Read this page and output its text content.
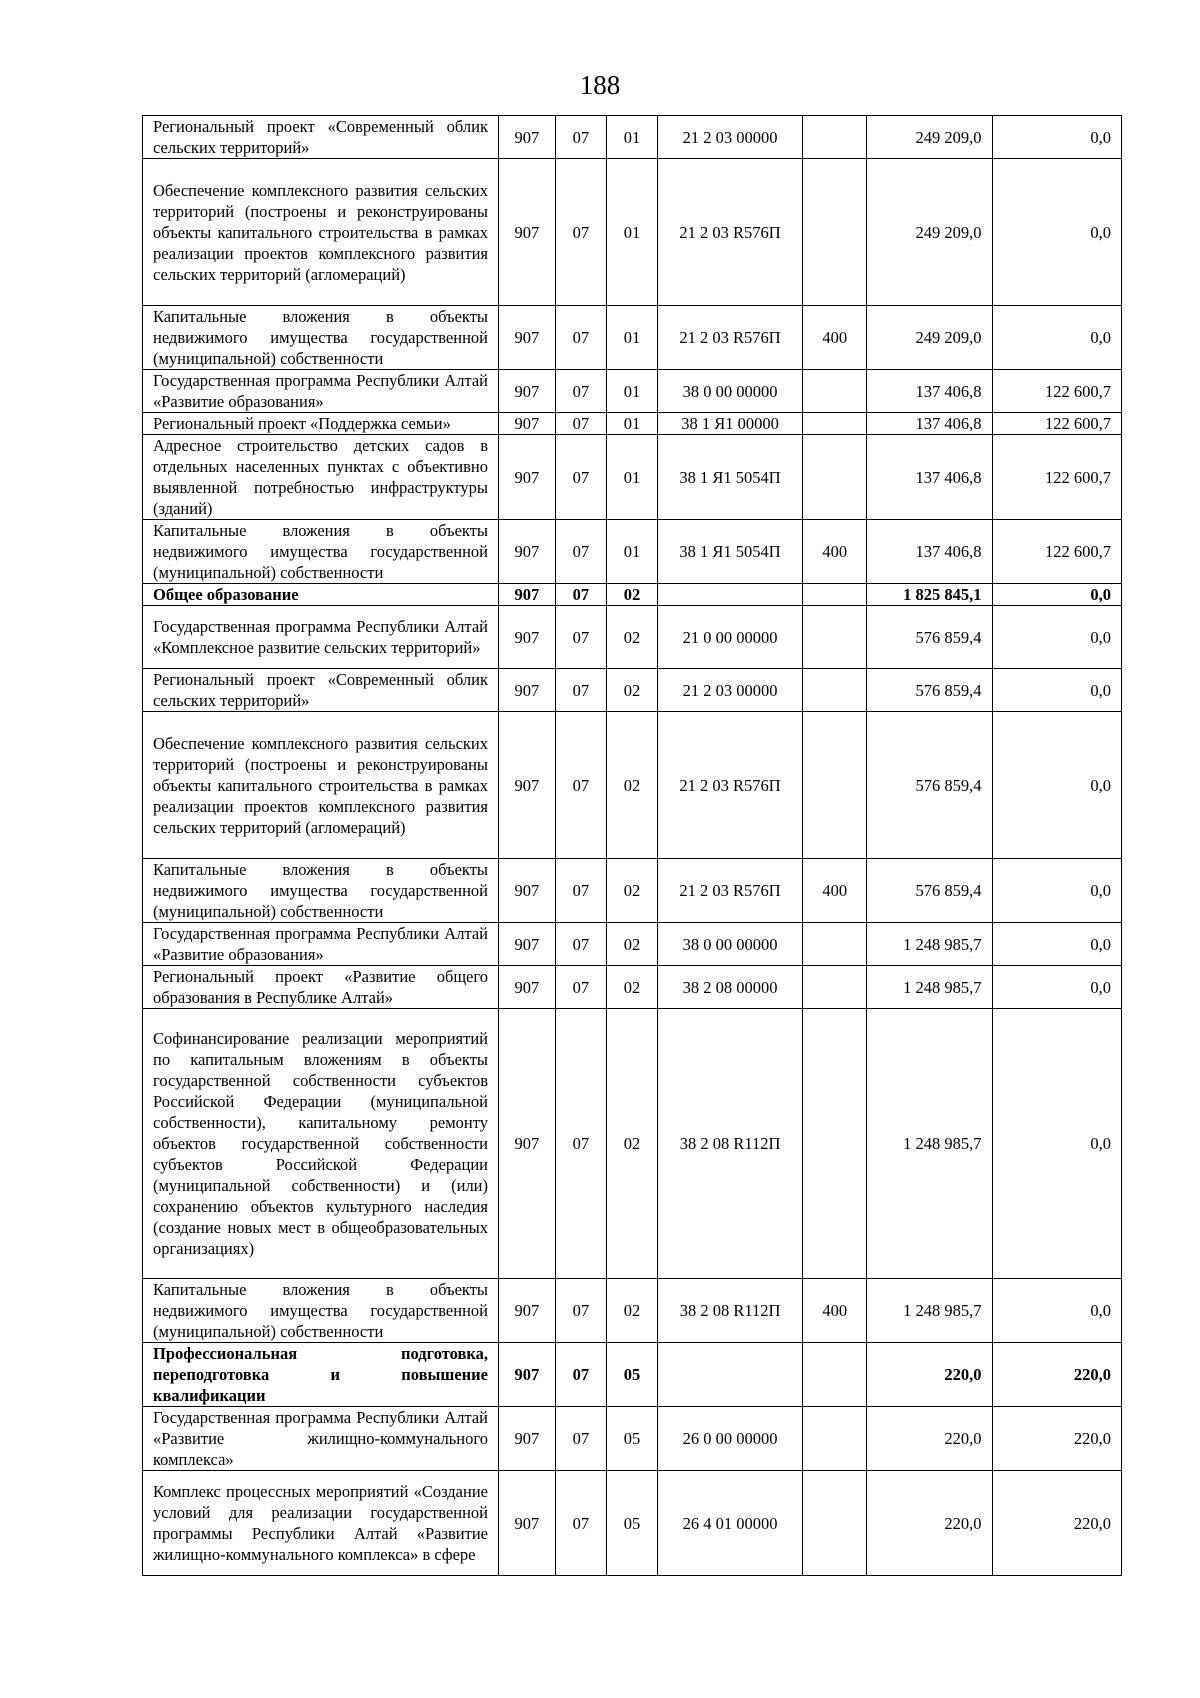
188
Региональный проект «Современный облик сельских территорий»	907	07	01	21 2 03 00000		249 209,0	0,0
Обеспечение комплексного развития сельских территорий (построены и реконструированы объекты капитального строительства в рамках реализации проектов комплексного развития сельских территорий (агломераций)	907	07	01	21 2 03 R576П		249 209,0	0,0
Капитальные вложения в объекты недвижимого имущества государственной (муниципальной) собственности	907	07	01	21 2 03 R576П	400	249 209,0	0,0
Государственная программа Республики Алтай «Развитие образования»	907	07	01	38 0 00 00000		137 406,8	122 600,7
Региональный проект «Поддержка семьи»	907	07	01	38 1 Я1 00000		137 406,8	122 600,7
Адресное строительство детских садов в отдельных населенных пунктах с объективно выявленной потребностью инфраструктуры (зданий)	907	07	01	38 1 Я1 5054П		137 406,8	122 600,7
Капитальные вложения в объекты недвижимого имущества государственной (муниципальной) собственности	907	07	01	38 1 Я1 5054П	400	137 406,8	122 600,7
Общее образование	907	07	02			1 825 845,1	0,0
Государственная программа Республики Алтай «Комплексное развитие сельских территорий»	907	07	02	21 0 00 00000		576 859,4	0,0
Региональный проект «Современный облик сельских территорий»	907	07	02	21 2 03 00000		576 859,4	0,0
Обеспечение комплексного развития сельских территорий (построены и реконструированы объекты капитального строительства в рамках реализации проектов комплексного развития сельских территорий (агломераций)	907	07	02	21 2 03 R576П		576 859,4	0,0
Капитальные вложения в объекты недвижимого имущества государственной (муниципальной) собственности	907	07	02	21 2 03 R576П	400	576 859,4	0,0
Государственная программа Республики Алтай «Развитие образования»	907	07	02	38 0 00 00000		1 248 985,7	0,0
Региональный проект «Развитие общего образования в Республике Алтай»	907	07	02	38 2 08 00000		1 248 985,7	0,0
Софинансирование реализации мероприятий по капитальным вложениям в объекты государственной собственности субъектов Российской Федерации (муниципальной собственности), капитальному ремонту объектов государственной собственности субъектов Российской Федерации (муниципальной собственности) и (или) сохранению объектов культурного наследия (создание новых мест в общеобразовательных организациях)	907	07	02	38 2 08 R112П		1 248 985,7	0,0
Капитальные вложения в объекты недвижимого имущества государственной (муниципальной) собственности	907	07	02	38 2 08 R112П	400	1 248 985,7	0,0
Профессиональная подготовка, переподготовка и повышение квалификации	907	07	05			220,0	220,0
Государственная программа Республики Алтай «Развитие жилищно-коммунального комплекса»	907	07	05	26 0 00 00000		220,0	220,0
Комплекс процессных мероприятий «Создание условий для реализации государственной программы Республики Алтай «Развитие жилищно-коммунального комплекса» в сфере	907	07	05	26 4 01 00000		220,0	220,0
